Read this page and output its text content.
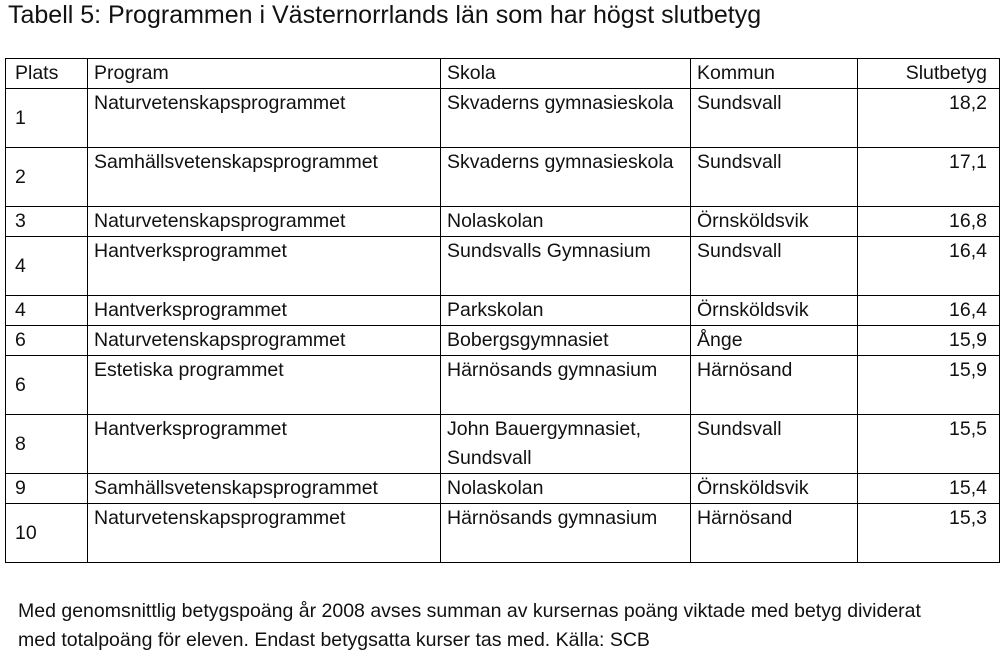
Tabell 5: Programmen i Västernorrlands län som har högst slutbetyg
Plats	Program	Skola	Kommun	Slutbetyg
1	Naturvetenskapsprogrammet	Skvaderns gymnasieskola	Sundsvall	18,2
2	Samhällsvetenskapsprogrammet	Skvaderns gymnasieskola	Sundsvall	17,1
3	Naturvetenskapsprogrammet	Nolaskolan	Örnsköldsvik	16,8
4	Hantverksprogrammet	Sundsvalls Gymnasium	Sundsvall	16,4
4	Hantverksprogrammet	Parkskolan	Örnsköldsvik	16,4
6	Naturvetenskapsprogrammet	Bobergsgymnasiet	Ånge	15,9
6	Estetiska programmet	Härnösands gymnasium	Härnösand	15,9
8	Hantverksprogrammet	John Bauergymnasiet, Sundsvall	Sundsvall	15,5
9	Samhällsvetenskapsprogrammet	Nolaskolan	Örnsköldsvik	15,4
10	Naturvetenskapsprogrammet	Härnösands gymnasium	Härnösand	15,3
Med genomsnittlig betygspoäng år 2008 avses summan av kursernas poäng viktade med betyg dividerat med totalpoäng för eleven. Endast betygsatta kurser tas med. Källa: SCB
